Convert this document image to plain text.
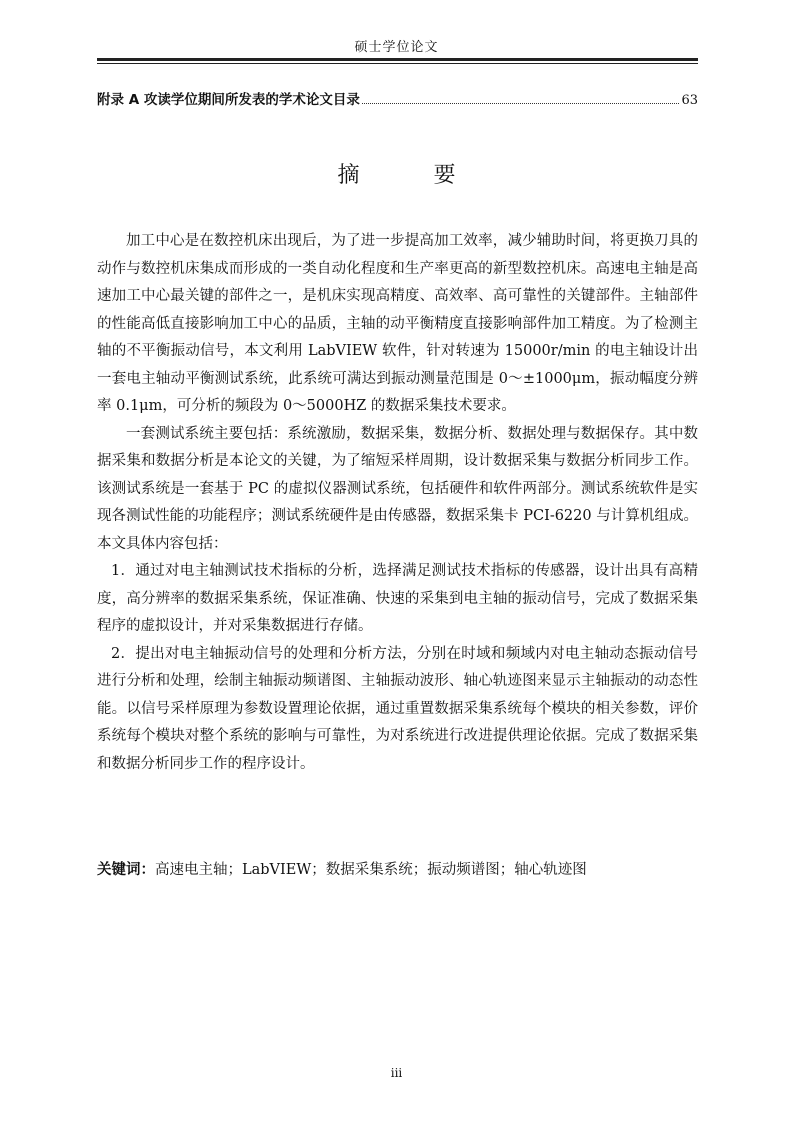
硕士学位论文
附录 A 攻读学位期间所发表的学术论文目录	63
摘　要

加工中心是在数控机床出现后，为了进一步提高加工效率，减少辅助时间，将更换刀具的动作与数控机床集成而形成的一类自动化程度和生产率更高的新型数控机床。高速电主轴是高速加工中心最关键的部件之一，是机床实现高精度、高效率、高可靠性的关键部件。主轴部件的性能高低直接影响加工中心的品质，主轴的动平衡精度直接影响部件加工精度。为了检测主轴的不平衡振动信号，本文利用 LabVIEW 软件，针对转速为 15000r/min 的电主轴设计出一套电主轴动平衡测试系统，此系统可满达到振动测量范围是 0～±1000μm，振动幅度分辨率 0.1μm，可分析的频段为 0～5000HZ 的数据采集技术要求。

一套测试系统主要包括：系统激励，数据采集，数据分析、数据处理与数据保存。其中数据采集和数据分析是本论文的关键，为了缩短采样周期，设计数据采集与数据分析同步工作。该测试系统是一套基于 PC 的虚拟仪器测试系统，包括硬件和软件两部分。测试系统软件是实现各测试性能的功能程序；测试系统硬件是由传感器，数据采集卡 PCI-6220 与计算机组成。本文具体内容包括：

1．通过对电主轴测试技术指标的分析，选择满足测试技术指标的传感器，设计出具有高精度，高分辨率的数据采集系统，保证准确、快速的采集到电主轴的振动信号，完成了数据采集程序的虚拟设计，并对采集数据进行存储。

2．提出对电主轴振动信号的处理和分析方法，分别在时域和频域内对电主轴动态振动信号进行分析和处理，绘制主轴振动频谱图、主轴振动波形、轴心轨迹图来显示主轴振动的动态性能。以信号采样原理为参数设置理论依据，通过重置数据采集系统每个模块的相关参数，评价系统每个模块对整个系统的影响与可靠性，为对系统进行改进提供理论依据。完成了数据采集和数据分析同步工作的程序设计。

关键词：高速电主轴；LabVIEW；数据采集系统；振动频谱图；轴心轨迹图
iii
